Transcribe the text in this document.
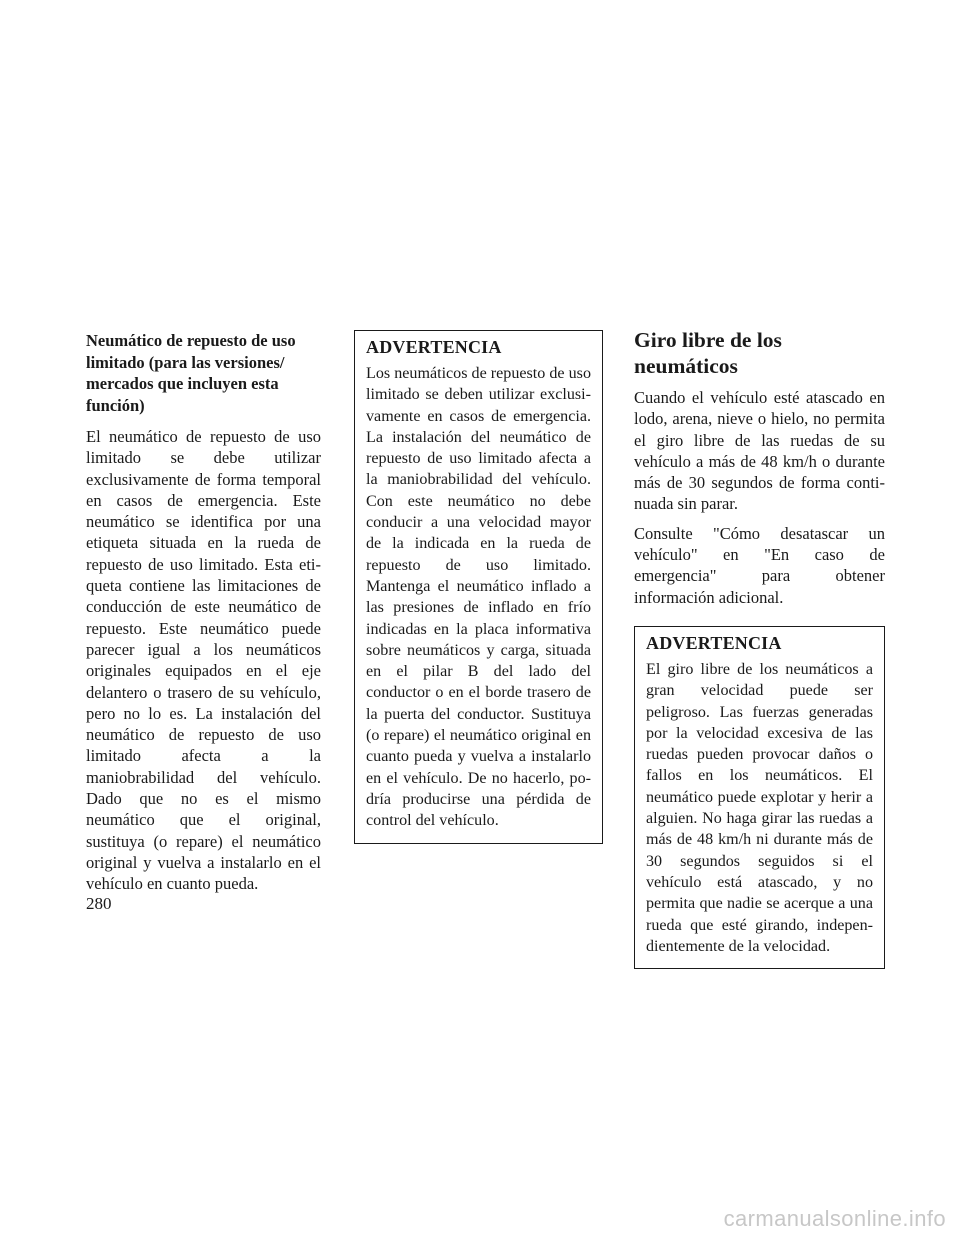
Neumático de repuesto de uso limitado (para las versiones/ mercados que incluyen esta función)

El neumático de repuesto de uso limitado se debe utilizar exclusivamente de forma temporal en casos de emergencia. Este neumático se identifica por una etiqueta situada en la rueda de repuesto de uso limitado. Esta etiqueta contiene las limitaciones de conducción de este neumático de repuesto. Este neumático puede parecer igual a los neumáticos originales equipados en el eje delantero o trasero de su vehículo, pero no lo es. La instalación del neumático de repuesto de uso limitado afecta a la maniobrabilidad del vehículo. Dado que no es el mismo neumático que el original, sustituya (o repare) el neumático original y vuelva a instalarlo en el vehículo en cuanto pueda.

ADVERTENCIA

Los neumáticos de repuesto de uso limitado se deben utilizar exclusivamente en casos de emergencia. La instalación del neumático de repuesto de uso limitado afecta a la maniobrabilidad del vehículo. Con este neumático no debe conducir a una velocidad mayor de la indicada en la rueda de repuesto de uso limitado. Mantenga el neumático inflado a las presiones de inflado en frío indicadas en la placa informativa sobre neumáticos y carga, situada en el pilar B del lado del conductor o en el borde trasero de la puerta del conductor. Sustituya (o repare) el neumático original en cuanto pueda y vuelva a instalarlo en el vehículo. De no hacerlo, podría producirse una pérdida de control del vehículo.

Giro libre de los neumáticos

Cuando el vehículo esté atascado en lodo, arena, nieve o hielo, no permita el giro libre de las ruedas de su vehículo a más de 48 km/h o durante más de 30 segundos de forma continuada sin parar.

Consulte "Cómo desatascar un vehículo" en "En caso de emergencia" para obtener información adicional.

ADVERTENCIA

El giro libre de los neumáticos a gran velocidad puede ser peligroso. Las fuerzas generadas por la velocidad excesiva de las ruedas pueden provocar daños o fallos en los neumáticos. El neumático puede explotar y herir a alguien. No haga girar las ruedas a más de 48 km/h ni durante más de 30 segundos seguidos si el vehículo está atascado, y no permita que nadie se acerque a una rueda que esté girando, independientemente de la velocidad.

280
carmanualsonline.info
